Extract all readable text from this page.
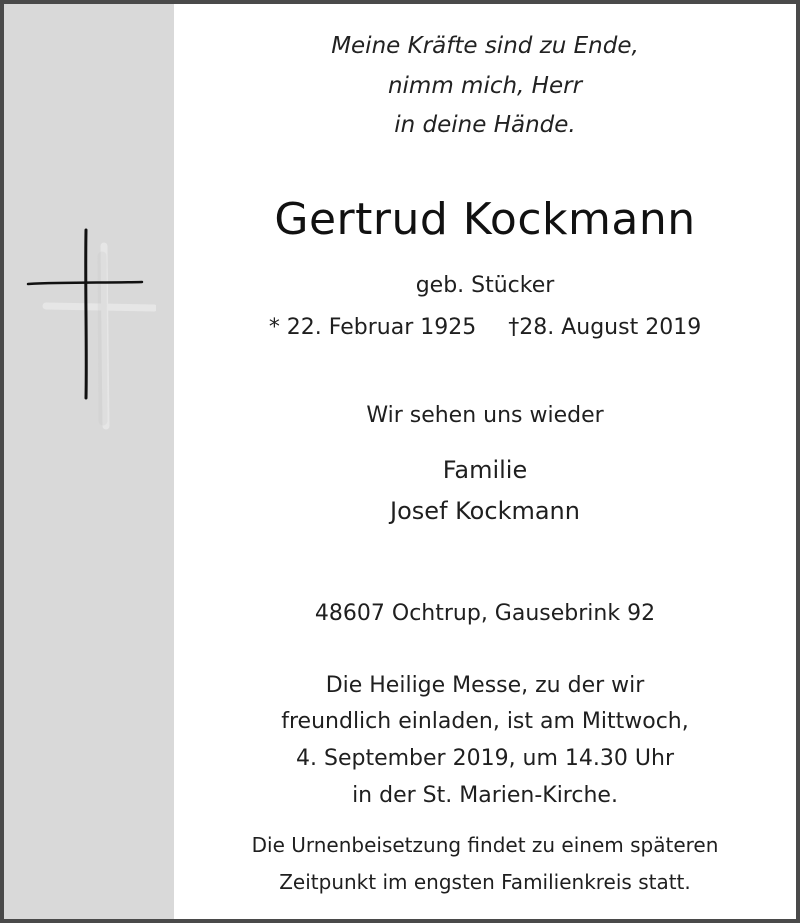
Meine Kräfte sind zu Ende,
nimm mich, Herr
in deine Hände.
Gertrud Kockmann
geb. Stücker
* 22. Februar 1925 †28. August 2019
Wir sehen uns wieder
Familie
Josef Kockmann
48607 Ochtrup, Gausebrink 92
Die Heilige Messe, zu der wir
freundlich einladen, ist am Mittwoch,
4. September 2019, um 14.30 Uhr
in der St. Marien-Kirche.
Die Urnenbeisetzung findet zu einem späteren
Zeitpunkt im engsten Familienkreis statt.
